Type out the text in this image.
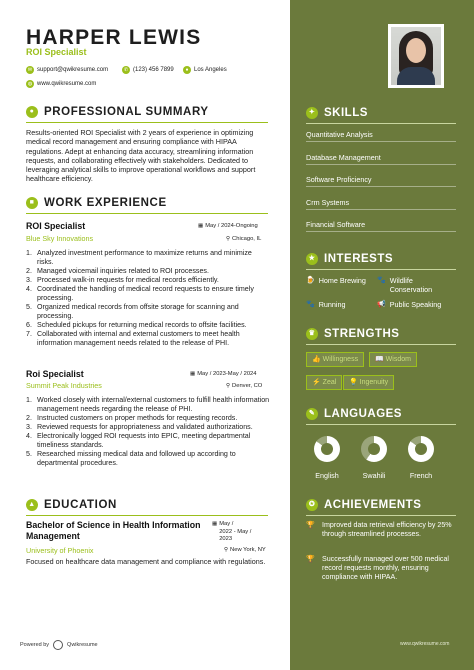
HARPER LEWIS
ROI Specialist
✉ support@qwikresume.com	✆ (123) 456 7899	● Los Angeles
◍ www.qwikresume.com
● PROFESSIONAL SUMMARY
Results-oriented ROI Specialist with 2 years of experience in optimizing medical record management and ensuring compliance with HIPAA regulations. Adept at enhancing data accuracy, streamlining information requests, and collaborating effectively with stakeholders. Dedicated to leveraging analytical skills to improve operational workflows and support healthcare efficiency.
■ WORK EXPERIENCE
ROI Specialist	▦ May / 2024-Ongoing
Blue Sky Innovations	⚲ Chicago, IL
1. Analyzed investment performance to maximize returns and minimize risks.
2. Managed voicemail inquiries related to ROI processes.
3. Processed walk-in requests for medical records efficiently.
4. Coordinated the handling of medical record requests to ensure timely processing.
5. Organized medical records from offsite storage for scanning and processing.
6. Scheduled pickups for returning medical records to offsite facilities.
7. Collaborated with internal and external customers to meet health information management needs related to the release of PHI.
Roi Specialist	▦ May / 2023-May / 2024
Summit Peak Industries	⚲ Denver, CO
1. Worked closely with internal/external customers to fulfill health information management needs regarding the release of PHI.
2. Instructed customers on proper methods for requesting records.
3. Reviewed requests for appropriateness and validated authorizations.
4. Electronically logged ROI requests into EPIC, meeting departmental timeliness standards.
5. Researched missing medical data and followed up according to departmental procedures.
▲ EDUCATION
Bachelor of Science in Health Information Management
▦ May /
2022 - May /
2023
University of Phoenix	⚲ New York, NY
Focused on healthcare data management and compliance with regulations.
Powered by	Qwikresume	www.qwikresume.com
✦ SKILLS
Quantitative Analysis
Database Management
Software Proficiency
Crm Systems
Financial Software
★ INTERESTS
🍺 Home Brewing 🐾 Wildlife Conservation
🐾 Running	📢 Public Speaking
♛ STRENGTHS
👍 Willingness	📖 Wisdom
⚡ Zeal	💡 Ingenuity
✎ LANGUAGES
English	Swahili	French
✪ ACHIEVEMENTS
🏆	Improved data retrieval efficiency by 25% through streamlined processes.
🏆	Successfully managed over 500 medical record requests monthly, ensuring compliance with HIPAA.
